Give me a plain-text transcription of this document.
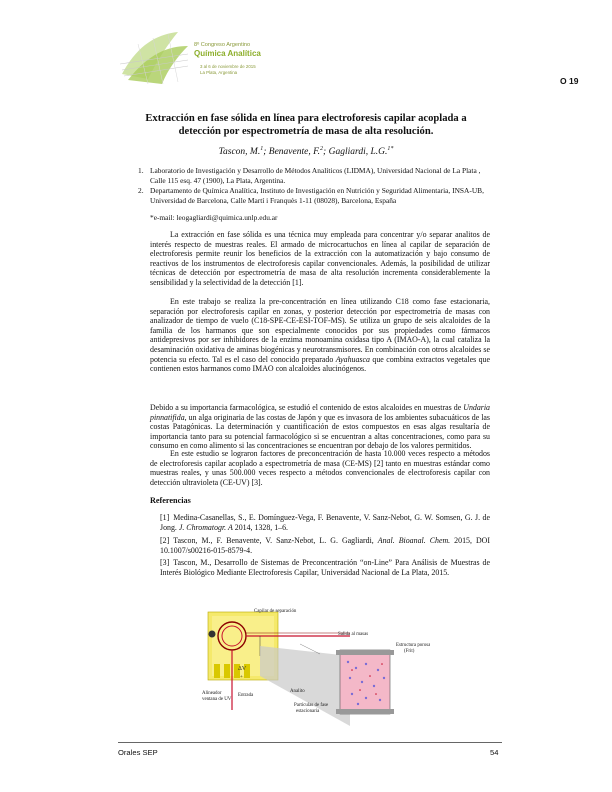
8º Congreso Argentino
Química Analítica
3 al 6 de noviembre de 2015
La Plata, Argentina
O 19
Extracción en fase sólida en línea para electroforesis capilar acoplada a detección por espectrometría de masa de alta resolución.
Tascon, M.$^1$; Benavente, F.$^2$; Gagliardi, L.G.$^{1*}$
1. Laboratorio de Investigación y Desarrollo de Métodos Analíticos (LIDMA), Universidad Nacional de La Plata , Calle 115 esq. 47 (1900), La Plata, Argentina.
2. Departamento de Química Analítica, Instituto de Investigación en Nutrición y Seguridad Alimentaria, INSA-UB, Universidad de Barcelona, Calle Martí i Franquès 1-11 (08028), Barcelona, España
*e-mail: leogagliardi@quimica.unlp.edu.ar
La extracción en fase sólida es una técnica muy empleada para concentrar y/o separar analitos de interés respecto de muestras reales. El armado de microcartuchos en línea al capilar de separación de electroforesis permite reunir los beneficios de la extracción con la automatización y bajo consumo de reactivos de los instrumentos de electroforesis capilar convencionales. Además, la posibilidad de utilizar técnicas de detección por espectrometría de masa de alta resolución incrementa considerablemente la sensibilidad y la selectividad de la detección [1].
En este trabajo se realiza la pre-concentración en línea utilizando C18 como fase estacionaria, separación por electroforesis capilar en zonas, y posterior detección por espectrometría de masas con analizador de tiempo de vuelo (C18-SPE-CE-ESI-TOF-MS). Se utiliza un grupo de seis alcaloides de la familia de los harmanos que son especialmente conocidos por sus propiedades como fármacos antidepresivos por ser inhibidores de la enzima monoamina oxidasa tipo A (IMAO-A), la cual cataliza la desaminación oxidativa de aminas biogénicas y neurotransmisores. En combinación con otros alcaloides se potencia su efecto. Tal es el caso del conocido preparado Ayahuasca que combina extractos vegetales que contienen estos harmanos como IMAO con alcaloides alucinógenos.
Debido a su importancia farmacológica, se estudió el contenido de estos alcaloides en muestras de Undaria pinnatifida, un alga originaria de las costas de Japón y que es invasora de los ambientes subacuáticos de las costas Patagónicas. La determinación y cuantificación de estos compuestos en esas algas resultaría de importancia tanto para su potencial farmacológico si se encuentran a altas concentraciones, como para su consumo en como alimento si las concentraciones se encuentran por debajo de los valores permitidos.
En este estudio se lograron factores de preconcentración de hasta 10.000 veces respecto a métodos de electroforesis capilar acoplado a espectrometría de masa (CE-MS) [2] tanto en muestras estándar como muestras reales, y unas 500.000 veces respecto a métodos convencionales de electroforesis capilar con detección ultravioleta (CE-UV) [3].
Referencias
[1] Medina-Casanellas, S., E. Domínguez-Vega, F. Benavente, V. Sanz-Nebot, G. W. Somsen, G. J. de Jong. J. Chromatogr. A 2014, 1328, 1–6.
[2] Tascon, M., F. Benavente, V. Sanz-Nebot, L. G. Gagliardi, Anal. Bioanal. Chem. 2015, DOI 10.1007/s00216-015-8579-4.
[3] Tascon, M., Desarrollo de Sistemas de Preconcentración “on-Line” Para Análisis de Muestras de Interés Biológico Mediante Electroforesis Capilar, Universidad Nacional de La Plata, 2015.
Capilar de separación
Salida al masas
Estructura porosa
(Frit)
ΔV
+
Alineador
ventana de UV
Entrada
Analito
Partículas de fase
estacionaria
Orales SEP	54
